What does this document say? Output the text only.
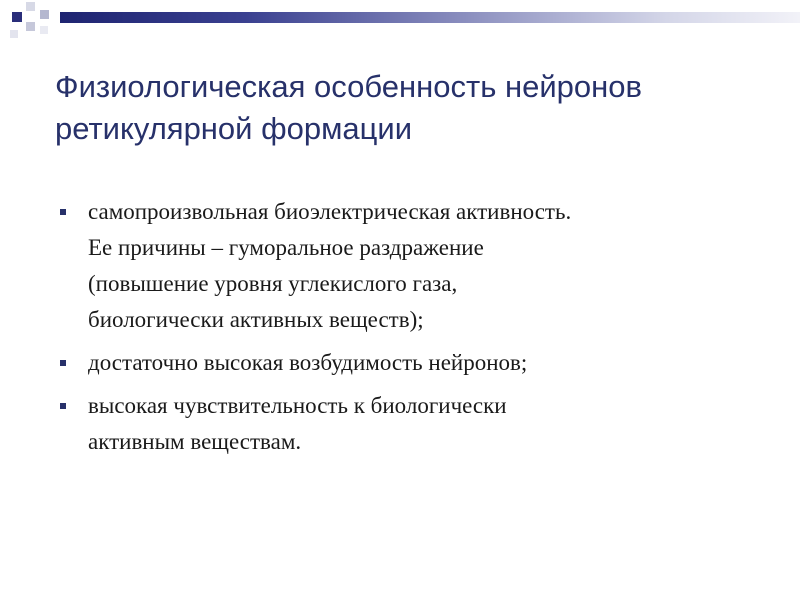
Физиологическая особенность нейронов
ретикулярной формации
самопроизвольная биоэлектрическая активность.
Ее причины – гуморальное раздражение
(повышение уровня углекислого газа,
биологически активных веществ);
достаточно высокая возбудимость нейронов;
высокая чувствительность к биологически
активным веществам.
